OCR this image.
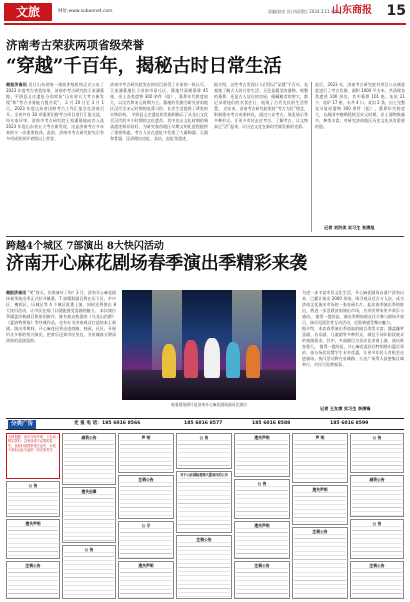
文旅	网址:www.subaonet.com	责编/赵亮 设计/邱建忆 2024.3.11 星期一
山东商报 15
济南考古荣获两项省级荣誉
“穿越”千百年，揭秘古时日常生活
商报济南讯 近日山东省统一建筑评级机构正式公布了 2023 年度考古省奖结果，济南市考古研究院王家潘墓地、平阴县义庄遗址分别荣获“山东省五大考古新发现”和“考古业务能力提升奖”。 2 月 20 日至 3 月 1 日，2023 年度山东省田野考古工作汇报会在济南召开。全省共有 30 项重要田野考古项目进行汇报交流，经专家评审，济南市考古研究院王家潘墓地成功入选 2023 年度山东省五大考古新发现，这是济南考古多年来的又一次重要收获。此前，济南市考古研究院先后有多项成果获评省级以上荣誉。
济南市考古研究院发布的项目获得了专家的一致认可。王家潘墓地位于济南市章丘区，墓地共清理墓葬 45 座，出土各类遗物 300 余件（组），墓葬年代跨度较大，以汉代和宋元时期为主。墓地的发掘为研究济南地区汉代至宋元时期的丧葬习俗、社会生活提供了珍贵的实物资料。 平阴县义庄遗址的发掘则揭示了从龙山文化至汉代的多个时期的文化遗存，其中龙山文化时期的聚落遗迹保存较好，为研究鲁西地区早期文明化进程提供了重要线索。考古人员在遗址中发现了大量陶器、石器和骨器，还清理出房址、灰坑、窑址等遗迹。
据介绍，这些考古发现让人们得以“穿越”千百年，直观地了解古人的日常生活。无论是精美的器物、规整的墓葬，还是古人居住的房屋、储藏粮食的窖穴，都记录着他们的衣食住行，展现了古代先民的生活智慧。 近年来，济南考古研究院坚持“考古为民”理念，积极推动考古成果转化，通过公众考古、展览展示等多种形式，让更多市民走近考古、了解考古，让文物真正“活”起来，让历史文化在新时代焕发新的光彩。
此后，2023 年，济南考古研究院对项目公众满意度进行了考古发掘，面积 1000 平方米，共清理各类遗迹 100 余处，其中墓葬 101 座、灰坑 21 个、窑炉 17 座、水井 4 口、灰沟 2 条，出土完整及可复原器物 300 余件（组）。墓葬年代跨度大，自战国中晚期延续至宋元时期，出土器物数量多，种类丰富，对研究济南地区历史文化具有重要价值。
记者 刘洪美 实习生 张清旭
跨越4个城区 7部演出 8大快闪活动
济南开心麻花剧场春季演出季精彩来袭
商报济南讯 “笑”春天，你准备好了吗？3 月，济南开心麻花剧场春季演出季正式拉开帷幕，7 部精彩剧目将在历下区、市中区、槐荫区、历城区等 4 个城区轮番上演，同时还将推出 8 大快闪活动，让市民在家门口就能感受喜剧的魅力。 本次演出季涵盖经典剧目和原创新作，既有观众熟悉的《乌龙山伯爵》《夏洛特烦恼》等经典作品，也有专为济南观众打造的本土新剧。演出季期间，开心麻花还将走进商圈、校园、社区，开展形式多样的快闪演出，把欢乐送到市民身边，为泉城春天增添浓浓的喜剧氛围。
观看现场照片是济南开心麻花剧场演员在演出
为进一步丰富市民文化生活，开心麻花剧场自落户济南以来，已累计演出 2000 余场，吸引观众近百万人次，成为济南文化演出市场的一张亮丽名片。此次春季演出季的推出，将进一步活跃济南演出市场，为市民带来更多欢乐与感动。 值得一提的是，演出季期间观众还可参与剧场开放日、演员见面会等互动活动，近距离感受舞台魅力。
据介绍，本次春季演出季选取的剧目类型丰富，涵盖爆笑喜剧、音乐剧、儿童剧等多种形式，满足不同年龄段观众的观演需求。其中，多部剧目为首次在济南上演，演员阵容强大。 值得一提的是，开心麻花此次还特别推出惠民票价，部分场次设置学生专享优惠，让更多年轻人有机会走进剧场。快闪活动将在泉城路、万达广场等人流密集区域举行，市民可免费观看。
记者 王友康 实习生 李清锋
分类广告	定 报 电 话： 185 6016 8566	185 6016 8577	185 6016 8588	185 6016 8599
友情提醒：请在刊登声明、公告前核实资料，以免造成不必要的损失。登报时请携带相关证件，本报不承担由此引起的一切法律责任。
公 告
遗失声明
注销公告
减资公告
遗失启事
公 告
声 明
注销公告
公 示
遗失声明
公 告
关于山东国际营商大厦项目的公告
注销公告
遗失声明
公 告
遗失声明
注销公告
声 明
遗失声明
注销公告
公 告
减资公告
公 告
注销公告
